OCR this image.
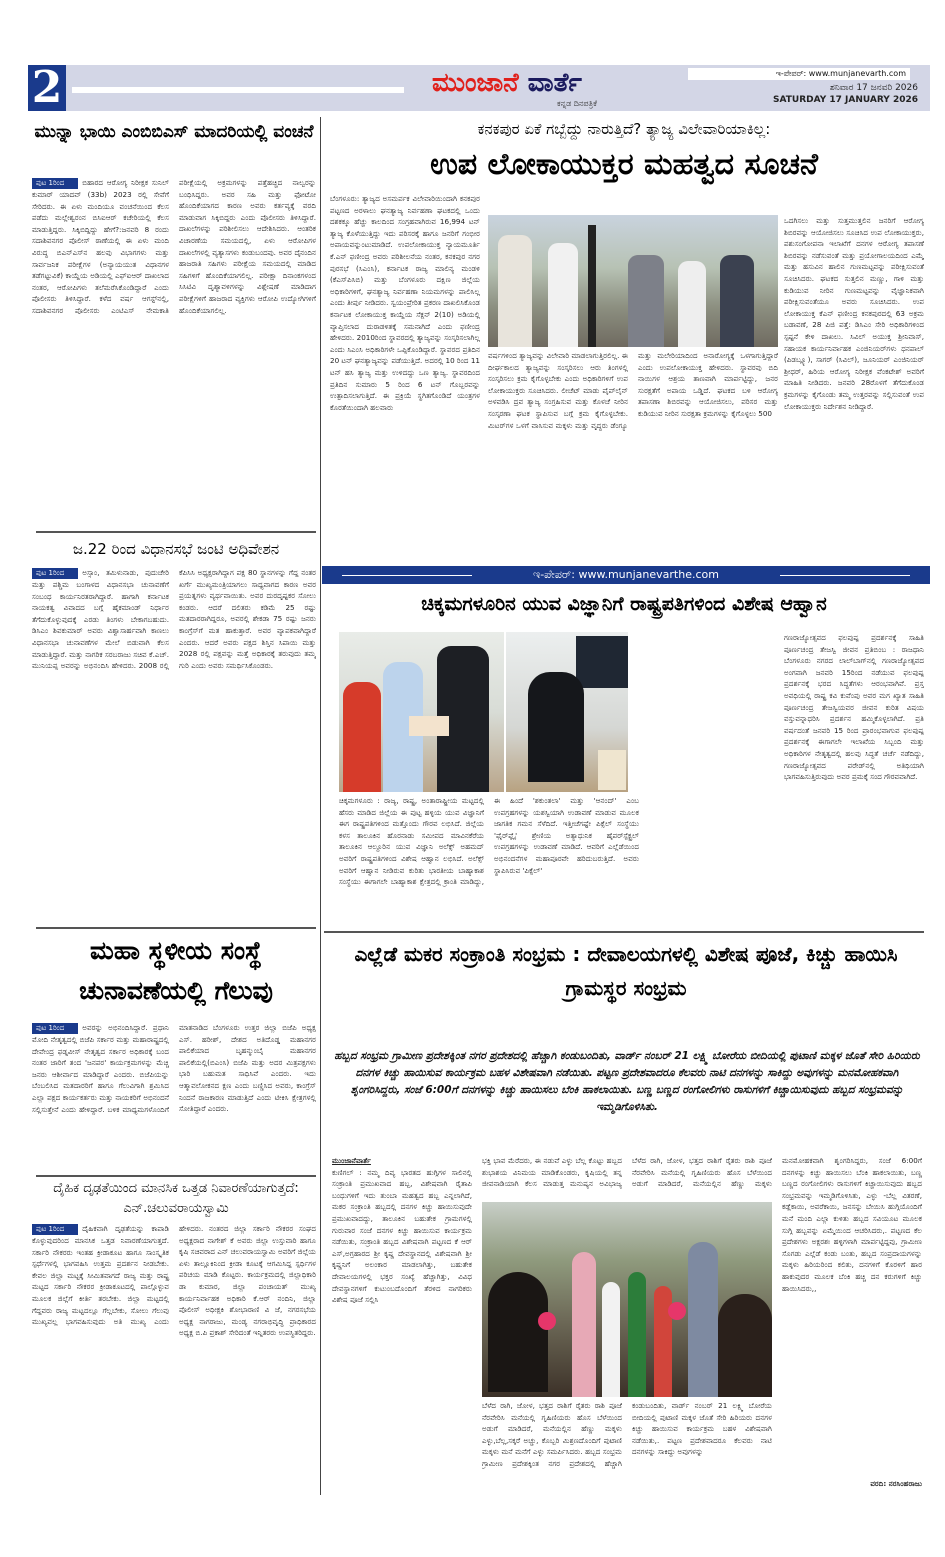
2	ಮುಂಜಾನೆ ವಾರ್ತೆ
ಕನ್ನಡ ದಿನಪತ್ರಿಕೆ
ಇ-ಪೇಪರ್: www.munjanevarth.com
ಶನಿವಾರ 17 ಜನವರಿ 2026
SATURDAY 17 JANUARY 2026
ಮುನ್ನಾ ಭಾಯಿ ಎಂಬಿಬಿಎಸ್ ಮಾದರಿಯಲ್ಲಿ ವಂಚನೆ
ಪುಟ 1ರಿಂದ	ಬಿಹಾರದ ಆರೋಗ್ಯ ನಿರೀಕ್ಷಕ ಸುನಿಲ್ ಕುಮಾರ್ ಯಾದವ್ (33b) 2023 ರಲ್ಲಿ ಸೇವೆಗೆ ಸೇರಿದರು. ಈ ಏಳು ಮಂದಿಯೂ ವಂಚನೆಯಿಂದ ಕೆಲಸ ಪಡೆದು ಮಲ್ಲೇಶ್ವರಂನ ಬಿಸಿಐಆರ್ ಕಚೇರಿಯಲ್ಲಿ ಕೆಲಸ ಮಾಡುತ್ತಿದ್ದರು. ಸಿಕ್ಕಿಬಿದ್ದಿದ್ದು ಹೇಗೆ?:ಜನವರಿ 8 ರಂದು ಸದಾಶಿವನಗರ ಪೊಲೀಸ್ ಠಾಣೆಯಲ್ಲಿ ಈ ಏಳು ಮಂದಿ ವಿರುದ್ಧ ಬಿಎನ್ಎಸ್‌ನ ಹಲವು ವಿಭಾಗಗಳು ಮತ್ತು ಸಾರ್ವಜನಿಕ ಪರೀಕ್ಷೆಗಳ (ಅನ್ಯಾಯಯುತ ವಿಧಾನಗಳ ತಡೆಗಟ್ಟುವಿಕೆ) ಕಾಯ್ದೆಯ ಅಡಿಯಲ್ಲಿ ಎಫ್‌ಐಆರ್ ದಾಖಲಾದ ನಂತರ, ಆರೋಪಿಗಳು ತಲೆಮರೆಸಿಕೊಂಡಿದ್ದಾರೆ ಎಂದು ಪೊಲೀಸರು ತಿಳಿಸಿದ್ದಾರೆ. ಕಳೆದ ವರ್ಷ ಆಗಸ್ಟ್‌ನಲ್ಲಿ, ಸದಾಶಿವನಗರ ಪೊಲೀಸರು ಎಂಟಿಎಸ್ ನೇಮಕಾತಿ ಪರೀಕ್ಷೆಯಲ್ಲಿ ಅಕ್ರಮಗಳನ್ನು ಪತ್ತೆಹಚ್ಚಿದ ನಾಲ್ವರನ್ನು ಬಂಧಿಸಿದ್ದರು. ಅವರ ಸಹಿ ಮತ್ತು ಫೋಟೋ ಹೊಂದಿಕೆಯಾಗದ ಕಾರಣ ಅವರು ಕರ್ತವ್ಯಕ್ಕೆ ವರದಿ ಮಾಡುವಾಗ ಸಿಕ್ಕಿಬಿದ್ದರು ಎಂದು ಪೊಲೀಸರು ತಿಳಿಸಿದ್ದಾರೆ. ದಾಖಲೆಗಳನ್ನು ಪರಿಶೀಲಿಸಲು ಆದೇಶಿಸಿದರು. ಆಂತರಿಕ ವಿಚಾರಣೆಯ ಸಮಯದಲ್ಲಿ, ಏಳು ಆರೋಪಿಗಳ ದಾಖಲೆಗಳಲ್ಲಿ ವ್ಯತ್ಯಾಸಗಳು ಕಂಡುಬಂದವು. ಅವರ ದೈನಂದಿನ ಹಾಜರಾತಿ ಸಹಿಗಳು ಪರೀಕ್ಷೆಯ ಸಮಯದಲ್ಲಿ ಮಾಡಿದ ಸಹಿಗಳಿಗೆ ಹೊಂದಿಕೆಯಾಗಲಿಲ್ಲ. ಪರೀಕ್ಷಾ ದಿನಾಂಕಗಳಂದ ಸಿಸಿಟಿವಿ ದೃಶ್ಯಾವಳಿಗಳನ್ನು ವಿಶ್ಲೇಷಣೆ ಮಾಡಿದಾಗ ಪರೀಕ್ಷೆಗಳಿಗೆ ಹಾಜರಾದ ವ್ಯಕ್ತಿಗಳು ಆರೋಪಿ ಉದ್ಯೋಗಿಗಳಿಗೆ ಹೊಂದಿಕೆಯಾಗಲಿಲ್ಲ.
ಜ.22 ರಿಂದ ವಿಧಾನಸಭೆ ಜಂಟಿ ಅಧಿವೇಶನ
ಪುಟ 1ರಿಂದ	ಅಸ್ಸಾಂ, ತಮಿಳುನಾಡು, ಪುದುಚೇರಿ ಮತ್ತು ಪಶ್ಚಿಮ ಬಂಗಾಳದ ವಿಧಾನಸಭಾ ಚುನಾವಣೆಗೆ ಸಂಬಂಧ ಕಾರ್ಯನಿರತರಾಗಿದ್ದಾರೆ. ಹಾಗಾಗಿ ಕರ್ನಾಟಕ ನಾಯಕತ್ವ ವಿವಾದದ ಬಗ್ಗೆ ಹೈಕಮಾಂಡ್ ನಿರ್ಧಾರ ತೆಗೆದುಕೊಳ್ಳುವುದಕ್ಕೆ ಎರಡು ತಿಂಗಳು ಬೇಕಾಗಬಹುದು. ಡಿಸಿಎಂ ಶಿವಕುಮಾರ್ ಅವರು ವಿಶ್ವಾಸಾರ್ಹವಾಗಿ ಕಾಣಲು ವಿಧಾನಸಭಾ ಚುನಾವಣೆಗಳ ಮೇಲೆ ಬಿಡುವಾಗಿ ಕೆಲಸ ಮಾಡುತ್ತಿದ್ದಾರೆ. ಮತ್ತು ನಾಗರಿಕ ಸರಬರಾಜು ಸಚಿವ ಕೆ.ಎಚ್. ಮುನಿಯಪ್ಪ ಅವರನ್ನು ಅಭಿನಂದಿಸಿ ಹೇಳಿದರು. 2008 ರಲ್ಲಿ ಕೆಪಿಸಿಸಿ ಅಧ್ಯಕ್ಷರಾಗಿದ್ದಾಗ ಪಕ್ಷ 80 ಸ್ಥಾನಗಳನ್ನು ಗೆದ್ದ ನಂತರ ಖರ್ಗೆ ಮುಖ್ಯಮಂತ್ರಿಯಾಗಲು ಸಾಧ್ಯವಾಗದ ಕಾರಣ ಅವರ ಪ್ರಯತ್ನಗಳು ವ್ಯರ್ಥವಾಯಿತು. ಅವರ ದುರದೃಷ್ಟಕರ ಸೋಲು ಕಂಡರು. ಆದರೆ ದಲಿತರು ಕಡಿಮೆ 25 ರಷ್ಟು ಮತದಾರರಾಗಿದ್ದರೂ, ಅವರಲ್ಲಿ ಶೇಕಡಾ 75 ರಷ್ಟು ಜನರು ಕಾಂಗ್ರೆಸ್‌ಗೆ ಮತ ಹಾಕುತ್ತಾರೆ. ಅವರ ವ್ಯಾಪಕವಾಗಿದ್ದಾರೆ ಎಂದರು. ಆದರೆ ಅವರು ಪಕ್ಷದ ಶಿಸ್ತಿನ ಸಿಪಾಯಿ ಮತ್ತು 2028 ರಲ್ಲಿ ಪಕ್ಷವನ್ನು ಮತ್ತೆ ಅಧಿಕಾರಕ್ಕೆ ತರುವುದು ತಮ್ಮ ಗುರಿ ಎಂದು ಅವರು ಸಮರ್ಥಿಸಿಕೊಂಡರು.
ಮಹಾ ಸ್ಥಳೀಯ ಸಂಸ್ಥೆ ಚುನಾವಣೆಯಲ್ಲಿ ಗೆಲುವು
ಪುಟ 1ರಿಂದ	ಅವರನ್ನು ಅಭಿನಂದಿಸಿದ್ದಾರೆ. ಪ್ರಧಾನಿ ಮೋದಿ ನೇತೃತ್ವದಲ್ಲಿ ಬಿಜೆಪಿ ಸರ್ಕಾರ ಮತ್ತು ಮಹಾರಾಷ್ಟ್ರದಲ್ಲಿ ದೇವೇಂದ್ರ ಫಡ್ನವೀಸ್ ನೇತೃತ್ವದ ಸರ್ಕಾರ ಅಧಿಕಾರಕ್ಕೆ ಬಂದ ನಂತರ ಜಾರಿಗೆ ತಂದ 'ಜನಪರ' ಕಾರ್ಯಕ್ರಮಗಳನ್ನು ಮೆಚ್ಚಿ ಜನರು ಆಶೀರ್ವಾದ ಮಾಡಿದ್ದಾರೆ ಎಂದರು. ಬಿಜೆಪಿಯನ್ನು ಬೆಂಬಲಿಸಿದ ಮತದಾರರಿಗೆ ಹಾಗೂ ಗೆಲುವಿಗಾಗಿ ಶ್ರಮಿಸಿದ ಎಲ್ಲಾ ಪಕ್ಷದ ಕಾರ್ಯಕರ್ತರು ಮತ್ತು ನಾಯಕರಿಗೆ ಅಭಿನಂದನೆ ಸಲ್ಲಿಸುತ್ತೇನೆ ಎಂದು ಹೇಳಿದ್ದಾರೆ. ಬಳಿಕ ಮಾಧ್ಯಮಗಳೊಂದಿಗೆ ಮಾತನಾಡಿದ ಬೆಂಗಳೂರು ಉತ್ತರ ಜಿಲ್ಲಾ ಬಿಜೆಪಿ ಅಧ್ಯಕ್ಷ ಎಸ್. ಹರೀಶ್, ದೇಶದ ಅತಿದೊಡ್ಡ ಮಹಾನಗರ ಪಾಲಿಕೆಯಾದ ಬೃಹನ್ಮುಂಬೈ ಮಹಾನಗರ ಪಾಲಿಕೆಯಲ್ಲಿ(ಬಿಎಂಸಿ) ಬಿಜೆಪಿ ಮತ್ತು ಅದರ ಮಿತ್ರಪಕ್ಷಗಳು ಭಾರಿ ಬಹುಮತ ಸಾಧಿಸಿವೆ ಎಂದರು. ಇದು ಆತ್ಮಾವಲೋಕನದ ಕ್ಷಣ ಎಂದು ಬಣ್ಣಿಸಿದ ಅವರು, ಕಾಂಗ್ರೆಸ್ ನಿಂದನೆ ರಾಜಕಾರಣ ಮಾಡುತ್ತಿದೆ ಎಂದು ಟೀಕಿಸಿ ಕ್ಷೇತ್ರಗಳಲ್ಲಿ ಸೋತಿದ್ದಾರೆ ಎಂದರು.
ದೈಹಿಕ ದೃಢತೆಯಿಂದ ಮಾನಸಿಕ ಒತ್ತಡ ನಿವಾರಣೆಯಾಗುತ್ತದೆ: ಎನ್.ಚಲುವರಾಯಸ್ವಾಮಿ
ಪುಟ 1ರಿಂದ	ದೈಹಿಕವಾಗಿ ದೃಢತೆಯನ್ನು ಕಾಪಾಡಿ ಕೊಳ್ಳುವುದರಿಂದ ಮಾನಸಿಕ ಒತ್ತಡ ನಿವಾರಣೆಯಾಗುತ್ತದೆ. ಸರ್ಕಾರಿ ನೌಕರರು ಇಂತಹ ಕ್ರೀಡಾಕೂಟ ಹಾಗೂ ಸಾಂಸ್ಕೃತಿಕ ಸ್ಪರ್ಧೆಗಳಲ್ಲಿ ಭಾಗವಹಿಸಿ ಉತ್ತಮ ಪ್ರದರ್ಶನ ನೀಡಬೇಕು. ಕೇವಲ ಜಿಲ್ಲಾ ಮಟ್ಟಕ್ಕೆ ಸೀಮಿತವಾಗದೆ ರಾಜ್ಯ ಮತ್ತು ರಾಷ್ಟ್ರ ಮಟ್ಟದ ಸರ್ಕಾರಿ ನೌಕರರ ಕ್ರೀಡಾಕೂಟದಲ್ಲಿ ಪಾಲ್ಗೊಳ್ಳುವ ಮೂಲಕ ಜಿಲ್ಲೆಗೆ ಕೀರ್ತಿ ತರಬೇಕು. ಜಿಲ್ಲಾ ಮಟ್ಟದಲ್ಲಿ ಗೆದ್ದವರು ರಾಜ್ಯ ಮಟ್ಟದಲ್ಲೂ ಗೆಲ್ಲಬೇಕು, ಸೋಲು ಗೆಲುವು ಮುಖ್ಯವಲ್ಲ ಭಾಗವಹಿಸುವುದು ಅತಿ ಮುಖ್ಯ ಎಂದು ಹೇಳಿದರು. ನಂತರದ ಜಿಲ್ಲಾ ಸರ್ಕಾರಿ ನೌಕರರ ಸಂಘದ ಅಧ್ಯಕ್ಷರಾದ ನಾಗೇಶ್ ಕೆ ಅವರು ಜಿಲ್ಲಾ ಉಸ್ತುವಾರಿ ಹಾಗೂ ಕೃಷಿ ಸಚಿವರಾದ ಎನ್ ಚಲುವರಾಯಸ್ವಾಮಿ ಅವರಿಗೆ ಜಿಲ್ಲೆಯ ಏಳು ತಾಲ್ಲೂಕಿನಿಂದ ಕ್ರೀಡಾ ಕೂಟಕ್ಕೆ ಆಗಮಿಸಿದ್ದ ಸ್ಪರ್ಧಿಗಳ ಪರಿಚಯ ಮಾಡಿ ಕೊಟ್ಟರು. ಕಾರ್ಯಕ್ರಮದಲ್ಲಿ ಜಿಲ್ಲಾಧಿಕಾರಿ ಡಾ ಕುಮಾರ, ಜಿಲ್ಲಾ ಪಂಚಾಯತ್ ಮುಖ್ಯ ಕಾರ್ಯನಿರ್ವಾಹಕ ಅಧಿಕಾರಿ ಕೆ.ಆರ್ ನಂದಿನಿ, ಜಿಲ್ಲಾ ಪೊಲೀಸ್ ಅಧೀಕ್ಷಕಿ ಶೋಭಾರಾಣಿ ವಿ ಜೆ, ನಗರಸಭೆಯ ಅಧ್ಯಕ್ಷ ನಾಗರಾಜು, ಮಂಡ್ಯ ನಗರಾಭಿವೃದ್ಧಿ ಪ್ರಾಧಿಕಾರದ ಅಧ್ಯಕ್ಷ ಬಿ.ಪಿ ಪ್ರಕಾಶ್ ಸೇರಿದಂತೆ ಇನ್ನಿತರರು ಉಪಸ್ಥಿತರಿದ್ದರು.
ಕನಕಪುರ ಏಕೆ ಗಬ್ಬೆದ್ದು ನಾರುತ್ತಿದೆ? ತ್ಯಾಜ್ಯ ವಿಲೇವಾರಿಯಾಕಿಲ್ಲ:
ಉಪ ಲೋಕಾಯುಕ್ತರ ಮಹತ್ವದ ಸೂಚನೆ
ಬೆಂಗಳೂರು: ತ್ಯಾಜ್ಯದ ಅಸಮರ್ಪಕ ವಿಲೇವಾರಿಯಿಂದಾಗಿ ಕನಕಪುರ ಪಟ್ಟಣದ ಅರಳಾಲು ಘನತ್ಯಾಜ್ಯ ನಿರ್ವಹಣಾ ಘಟಕದಲ್ಲಿ ಒಂದು ದಶಕಕ್ಕೂ ಹೆಚ್ಚು ಕಾಲದಿಂದ ಸಂಗ್ರಹವಾಗಿರುವ 16,994 ಟನ್ ತ್ಯಾಜ್ಯ ಕೊಳೆಯುತ್ತಿದ್ದು ಇದು ಪರಿಸರಕ್ಕೆ ಹಾಗೂ ಜನರಿಗೆ ಗಂಭೀರ ಅಪಾಯವನ್ನುಂಟುಮಾಡಿದೆ. ಉಪಲೋಕಾಯುಕ್ತ ನ್ಯಾಯಮೂರ್ತಿ ಕೆ.ಎನ್ ಫಣೀಂದ್ರ ಅವರು ಪರಿಶೀಲನೆಯ ನಂತರ, ಕನಕಪುರ ನಗರ ಪುರಸಭೆ (ಸಿಎಂಸಿ), ಕರ್ನಾಟಕ ರಾಜ್ಯ ಮಾಲಿನ್ಯ ಮಂಡಳಿ (ಕೆಎಸ್‌ಪಿಸಿಬಿ) ಮತ್ತು ಬೆಂಗಳೂರು ದಕ್ಷಿಣ ಜಿಲ್ಲೆಯ ಅಧಿಕಾರಿಗಳಿಗೆ, ಘನತ್ಯಾಜ್ಯ ನಿರ್ವಹಣಾ ನಿಯಮಗಳನ್ನು ಪಾಲಿಸಿಲ್ಲ ಎಂದು ತೀರ್ಪು ನೀಡಿದರು. ಸ್ವಯಂಪ್ರೇರಿತ ಪ್ರಕರಣ ದಾಖಲಿಸಿಕೊಂಡ ಕರ್ನಾಟಕ ಲೋಕಾಯುಕ್ತ ಕಾಯ್ದೆಯ ಸೆಕ್ಷನ್ 2(10) ಅಡಿಯಲ್ಲಿ ವ್ಯಾಪ್ತಿಸಲಾದ ದುರಾಡಳಿತಕ್ಕೆ ಸಮನಾಗಿದೆ ಎಂದು ಫಣೀಂದ್ರ ಹೇಳಿದರು. 2010ರಿಂದ ಸ್ಥಾವರದಲ್ಲಿ ತ್ಯಾಜ್ಯವನ್ನು ಸಂಸ್ಕರಿಸಲಾಗಿಲ್ಲ ಎಂದು ಸಿಎಂಸಿ ಅಧಿಕಾರಿಗಳೇ ಒಪ್ಪಿಕೊಂಡಿದ್ದಾರೆ. ಸ್ಥಾವರದ ಪ್ರತಿದಿನ 20 ಟನ್ ಘನತ್ಯಾಜ್ಯವನ್ನು ಪಡೆಯುತ್ತಿದೆ. ಅದರಲ್ಲಿ 10 ರಿಂದ 11 ಟನ್ ಹಸಿ ತ್ಯಾಜ್ಯ ಮತ್ತು ಉಳಿದದ್ದು ಒಣ ತ್ಯಾಜ್ಯ. ಸ್ಥಾವರದಿಂದ ಪ್ರತಿದಿನ ಸುಮಾರು 5 ರಿಂದ 6 ಟನ್ ಗೊಬ್ಬರವನ್ನು ಉತ್ಪಾದಿಸಲಾಗುತ್ತಿದೆ. ಈ ಪ್ರಕ್ರಿಯೆ ಸ್ಥಗಿತಗೊಂಡಿದೆ ಯಂತ್ರಗಳ ಕೊರತೆಯಿಂದಾಗಿ ಹಲವಾರು
ವರ್ಷಗಳಿಂದ ತ್ಯಾಜ್ಯವನ್ನು ವಿಲೇವಾರಿ ಮಾಡಲಾಗುತ್ತಿರಲಿಲ್ಲ. ಈ ದೀರ್ಘಕಾಲದ ತ್ಯಾಜ್ಯವನ್ನು ಸಂಸ್ಕರಿಸಲು ಆರು ತಿಂಗಳಲ್ಲಿ ಸಂಸ್ಕರಿಸಲು ಕ್ರಮ ಕೈಗೊಳ್ಳಬೇಕು ಎಂದು ಅಧಿಕಾರಿಗಳಿಗೆ ಉಪ ಲೋಕಾಯುಕ್ತರು ಸೂಚಿಸಿದರು. ಲೀಚೆಟ್ ಮಾಡು ಪೈಪ್‌ಲೈನ್ ಅಳವಡಿಸಿ ದ್ರವ ತ್ಯಾಜ್ಯ ಸಂಗ್ರಹಿಸುವ ಮತ್ತು ಕೊಳಚೆ ನೀರಿನ ಸಂಸ್ಕರಣಾ ಘಟಕ ಸ್ಥಾಪಿಸುವ ಬಗ್ಗೆ ಕ್ರಮ ಕೈಗೊಳ್ಳಬೇಕು. ಮಿಟರ್‌ಗಳ ಒಳಗೆ ವಾಸಿಸುವ ಮಕ್ಕಳು ಮತ್ತು ವೃದ್ಧರು ಡೆಂಗ್ಯೂ ಮತ್ತು ಮಲೇರಿಯಾದಿಂದ ಅನಾರೋಗ್ಯಕ್ಕೆ ಒಳಗಾಗುತ್ತಿದ್ದಾರೆ ಎಂದು ಉಪಲೋಕಾಯುಕ್ತ ಹೇಳಿದರು. ಸ್ಥಾವರವು ಬಿದಿ ನಾಯಿಗಳ ಆಶ್ರಯ ತಾಣವಾಗಿ ಮಾರ್ಪಟ್ಟಿದ್ದು, ಜನರ ಸುರಕ್ಷತೆಗೆ ಅಪಾಯ ಒಡ್ಡಿದೆ. ಘಟಕದ ಬಳಿ ಆರೋಗ್ಯ ತಪಾಸಣಾ ಶಿಬಿರವನ್ನು ಆಯೋಜಿಸಲು, ಪರಿಸರ ಮತ್ತು ಕುಡಿಯುವ ನೀರಿನ ಸುರಕ್ಷತಾ ಕ್ರಮಗಳನ್ನು ಕೈಗೊಳ್ಳಲು 500
ಒದಗಿಸಲು ಮತ್ತು ಸುತ್ತಮುತ್ತಲಿನ ಜನರಿಗೆ ಆರೋಗ್ಯ ಶಿಬಿರವನ್ನು ಆಯೋಜಿಸಲು ಸೂಚಿಸಿದ ಉಪ ಲೋಕಾಯುಕ್ತರು, ಪಶುಸಂಗೋಪನಾ ಇಲಾಖೆಗೆ ದನಗಳ ಆರೋಗ್ಯ ತಪಾಸಣೆ ಶಿಬಿರವನ್ನು ನಡೆಸುವಂತೆ ಮತ್ತು ಪ್ರಯೋಗಾಲಯದಿಂದ ಎಮ್ಮೆ ಮತ್ತು ಹಸುವಿನ ಹಾಲಿನ ಗುಣಮಟ್ಟವನ್ನು ಪರೀಕ್ಷಿಸುವಂತೆ ಸೂಚಿಸಿದರು. ಘಟಕದ ಸುತ್ತಲಿನ ಮಣ್ಣು, ಗಾಳಿ ಮತ್ತು ಕುಡಿಯುವ ನೀರಿನ ಗುಣಮಟ್ಟವನ್ನು ವೈಜ್ಞಾನಿಕವಾಗಿ ಪರೀಕ್ಷಿಸುವಂತೆಯೂ ಅವರು ಸೂಚಿಸಿದರು. ಉಪ ಲೋಕಾಯುಕ್ತ ಕೆಎನ್ ಫಣೀಂದ್ರ ಕನಕಪುರದಲ್ಲಿ 63 ಅಕ್ರಮ ಬಡಾವಣೆ, 28 ಪಿಜಿ ಪತ್ತೆ: ಡಿಸಿಎಂ ಸೇರಿ ಅಧಿಕಾರಿಗಳಿಂದ ಸ್ಪಷ್ಟನೆ ಕೇಳಿ ದಾಖಲು. ಸಿವಿಲ್ ಅಯುಕ್ತ ಶ್ರೀನಿವಾಸ್, ಸಹಾಯಕ ಕಾರ್ಯನಿರ್ವಾಹಕ ಎಂಜಿನಿಯರ್‌ಗಳು ಧನಪಾಲ್ (ಪಿಡಬ್ಲ್ಯೂ), ಸಾಗರ್ (ಸಿವಿಲ್), ಜೂನಿಯರ್ ಎಂಜಿನಿಯರ್ ಶ್ರೀಧರ್, ಹಿರಿಯ ಆರೋಗ್ಯ ನಿರೀಕ್ಷಕ ವೆಂಕಟೇಶ್ ಅವರಿಗೆ ಮಾಹಿತಿ ನೀಡಿದರು. ಜನವರಿ 28ರೊಳಗೆ ತೆಗೆದುಕೊಂಡ ಕ್ರಮಗಳನ್ನು ಕೈಗೊಂಡು ತಮ್ಮ ಉತ್ತರವನ್ನು ಸಲ್ಲಿಸುವಂತೆ ಉಪ ಲೋಕಾಯುಕ್ತರು ನಿರ್ದೇಶನ ನೀಡಿದ್ದಾರೆ.
ಇ-ಪೇಪರ್: www.munjanevarthe.com
ಚಿಕ್ಕಮಗಳೂರಿನ ಯುವ ವಿಜ್ಞಾನಿಗೆ ರಾಷ್ಟ್ರಪತಿಗಳಿಂದ ವಿಶೇಷ ಆಹ್ವಾನ
ಚಿಕ್ಕಮಗಳೂರು : ರಾಜ್ಯ, ರಾಷ್ಟ್ರ, ಅಂತಾರಾಷ್ಟ್ರೀಯ ಮಟ್ಟದಲ್ಲಿ ಹೆಸರು ಮಾಡಿದ ಜಿಲ್ಲೆಯ ಈ ಪುಟ್ಟ ಹಳ್ಳಿಯ ಯುವ ವಿಜ್ಞಾನಿಗೆ ಈಗ ರಾಷ್ಟ್ರಪತಿಗಳಿಂದ ಮತ್ತೊಂದು ಗೌರವ ಲಭಿಸಿದೆ. ಜಿಲ್ಲೆಯ ಕಳಸ ತಾಲೂಕಿನ ಹೊರನಾಡು ಸಮೀಪದ ಮಾವಿನಕೆರೆಯ ತಾಲೂಕಿನ ಆಲ್ದೂರಿನ ಯುವ ವಿಜ್ಞಾನಿ ಅಲೆಕ್ಸ್ ಅಹಮದ್ ಅವರಿಗೆ ರಾಷ್ಟ್ರಪತಿಗಳಿಂದ ವಿಶೇಷ ಆಹ್ವಾನ ಲಭಿಸಿದೆ. ಅಲೆಕ್ಸ್ ಅವರಿಗೆ ಆಹ್ವಾನ ನೀಡಿರುವ ಕುರಿತು ಭಾರತೀಯ ಬಾಹ್ಯಾಕಾಶ ಸಂಸ್ಥೆಯು ಈಗಾಗಲೇ ಬಾಹ್ಯಾಕಾಶ ಕ್ಷೇತ್ರದಲ್ಲಿ ಕ್ರಾಂತಿ ಮಾಡಿದ್ದು, ಈ ಹಿಂದೆ 'ಶಕುಂತಲಾ' ಮತ್ತು 'ಆನಂದ್' ಎಂಬ ಉಪಗ್ರಹಗಳನ್ನು ಯಶಸ್ವಿಯಾಗಿ ಉಡಾವಣೆ ಮಾಡುವ ಮೂಲಕ ಜಾಗತಿಕ ಗಮನ ಸೆಳೆದಿದೆ. ಇತ್ತೀಚೆಗಷ್ಟೇ ಪಿಕ್ಸೆಲ್ ಸಂಸ್ಥೆಯು 'ಫೈರ್‌ಫ್ಲೈ' ಶ್ರೇಣಿಯ ಅತ್ಯಾಧುನಿಕ ಹೈಪರ್‌ಸ್ಪೆಕ್ಟ್ರಲ್ ಉಪಗ್ರಹಗಳನ್ನು ಉಡಾವಣೆ ಮಾಡಿದೆ. ಆವರಿಗೆ ಎಲ್ಲೆಡೆಯಿಂದ ಅಭಿನಂದನೆಗಳ ಮಹಾಪೂರವೇ ಹರಿದುಬರುತ್ತಿದೆ. ಅವರು ಸ್ಥಾಪಿಸಿರುವ 'ಪಿಕ್ಸೆಲ್'
ಗಣರಾಜ್ಯೋತ್ಸವದ ಫಲಪುಷ್ಪ ಪ್ರದರ್ಶನಕ್ಕೆ ಸಾಹಿತಿ ಪೂರ್ಣಚಂದ್ರ ತೇಜಸ್ವಿ ಜೀವನ ಪ್ರತಿಬಿಂಬ : ರಾಜಧಾನಿ ಬೆಂಗಳೂರು ನಗರದ ಲಾಲ್‌ಬಾಗ್‌ನಲ್ಲಿ ಗಣರಾಜ್ಯೋತ್ಸವದ ಅಂಗವಾಗಿ ಜನವರಿ 15ರಿಂದ ನಡೆಯುವ ಫಲಪುಷ್ಪ ಪ್ರದರ್ಶನಕ್ಕೆ ಭರದ ಸಿದ್ಧತೆಗಳು ಆರಂಭವಾಗಿವೆ. ಪ್ರಸ್ತ ಅವಧಿಯಲ್ಲಿ ರಾಷ್ಟ್ರ ಕವಿ ಕುವೆಂಪು ಅವರ ಮಗ ಖ್ಯಾತ ಸಾಹಿತಿ ಪೂರ್ಣಚಂದ್ರ ತೇಜಸ್ವಿಯವರ ಜೀವನ ಕುರಿತ ವಿಷಯ ವಸ್ತುವನ್ನಾಧರಿಸಿ ಪ್ರದರ್ಶನ ಹಮ್ಮಿಕೊಳ್ಳಲಾಗಿದೆ. ಪ್ರತಿ ವರ್ಷದಂತೆ ಜನವರಿ 15 ರಿಂದ ಪ್ರಾರಂಭವಾಗುವ ಫಲಪುಷ್ಪ ಪ್ರದರ್ಶನಕ್ಕೆ ಈಗಾಗಲೇ ಇಲಾಖೆಯ ಸಿಬ್ಬಂದಿ ಮತ್ತು ಅಧಿಕಾರಿಗಳ ನೇತೃತ್ವದಲ್ಲಿ ಹಲವು ಸಿದ್ಧತೆ ಚರ್ಚೆ ನಡೆದಿದ್ದು, ಗಣರಾಜ್ಯೋತ್ಸವದ ಪರೇಡ್‌ನಲ್ಲಿ ಅತಿಥಿಯಾಗಿ ಭಾಗವಹಿಸುತ್ತಿರುವುದು ಅವರ ಪ್ರಮಕ್ಕೆ ಸಂದ ಗೌರವವಾಗಿದೆ.
ಎಲ್ಲೆಡೆ ಮಕರ ಸಂಕ್ರಾಂತಿ ಸಂಭ್ರಮ : ದೇವಾಲಯಗಳಲ್ಲಿ ವಿಶೇಷ ಪೂಜೆ, ಕಿಚ್ಚು ಹಾಯಿಸಿ ಗ್ರಾಮಸ್ಥರ ಸಂಭ್ರಮ
ಹಬ್ಬದ ಸಂಭ್ರಮ ಗ್ರಾಮೀಣ ಪ್ರದೇಶಕ್ಕಿಂತ ನಗರ ಪ್ರದೇಶದಲ್ಲಿ ಹೆಚ್ಚಾಗಿ ಕಂಡುಬಂದಿತು, ವಾರ್ಡ್ ನಂಬರ್ 21 ಲಕ್ಷ್ಮಿ ಬೋರೆಯ ಬೀದಿಯಲ್ಲಿ ಪುಟಾಣಿ ಮಕ್ಕಳ ಜೊತೆ ಸೇರಿ ಹಿರಿಯರು ದನಗಳ ಕಿಚ್ಚು ಹಾಯಿಸುವ ಕಾರ್ಯಕ್ರಮ ಬಹಳ ವಿಶೇಷವಾಗಿ ನಡೆಯಿತು. ಪಟ್ಟಣ ಪ್ರದೇಶವಾದರೂ ಕೆಲವರು ನಾಟಿ ದನಗಳನ್ನು ಸಾಕಿದ್ದು ಅವುಗಳನ್ನು ಮನಮೋಹಕವಾಗಿ ಶೃಂಗರಿಸಿದ್ದರು, ಸಂಜೆ 6:00ಗೆ ದನಗಳನ್ನು ಕಿಚ್ಚು ಹಾಯಿಸಲು ಬೆಂಕಿ ಹಾಕಲಾಯಿತು. ಬಣ್ಣ ಬಣ್ಣದ ರಂಗೋಲಿಗಳು ರಾಸುಗಳಿಗೆ ಕಿಚ್ಚಾಯಿಸುವುದು ಹಬ್ಬದ ಸಂಭ್ರಮವನ್ನು ಇಮ್ಮಡಿಗೊಳಿಸಿತು.
ಮುಂಜಾನೆವಾರ್ತೆ
ಕುಣಿಗಲ್ : ನಮ್ಮ ದಿವ್ಯ ಭಾರತದ ಹುಗ್ಗಿಗಳ ಸಾಲಿನಲ್ಲಿ ಸಂಕ್ರಾಂತಿ ಪ್ರಮುಖವಾದ ಹಬ್ಬ, ವಿಶೇಷವಾಗಿ ರೈತಾಪಿ ಬಂಧುಗಳಿಗೆ ಇದು ತುಂಬಾ ಮಹತ್ವದ ಹಬ್ಬ ಎನ್ನಲಾಗಿದೆ, ಮಕರ ಸಂಕ್ರಾಂತಿ ಹಬ್ಬದಲ್ಲಿ ದನಗಳ ಕಿಚ್ಚು ಹಾಯಿಸುವುದೇ ಪ್ರಮುಖವಾದದ್ದು, ತಾಲೂಕಿನ ಬಹುತೇಕ ಗ್ರಾಮಗಳಲ್ಲಿ ಗುರುವಾರ ಸಂಜೆ ದನಗಳ ಕಿಚ್ಚು ಹಾಯಿಸುವ ಕಾರ್ಯಕ್ರಮ ನಡೆಯಿತು, ಸಂಕ್ರಾಂತಿ ಹಬ್ಬದ ವಿಶೇಷವಾಗಿ ಪಟ್ಟಣದ ಕೆ ಆರ್ ಎಸ್,ಅಗ್ರಹಾರದ ಶ್ರೀ ಕೃಷ್ಣ ದೇವಸ್ಥಾನದಲ್ಲಿ ವಿಶೇಷವಾಗಿ ಶ್ರೀ ಕೃಷ್ಣನಿಗೆ ಅಲಂಕಾರ ಮಾಡಲಾಗಿತ್ತು, ಬಹುತೇಕ ದೇವಾಲಯಗಳಲ್ಲಿ ಭಕ್ತರ ಸಂಖ್ಯೆ ಹೆಚ್ಚಾಗಿತ್ತು, ವಿವಿಧ ದೇವಸ್ಥಾನಗಳಿಗೆ ಕುಟುಂಬದೊಂದಿಗೆ ತೆರಳಿದ ನಾಗರಿಕರು ವಿಶೇಷ ಪೂಜೆ ಸಲ್ಲಿಸಿ
ಭಕ್ತಿ ಭಾವ ಮೆರೆದರು, ಈ ನಡುವೆ ಎಳ್ಳು ಬೆಲ್ಲ ಕೊಟ್ಟು ಹಬ್ಬದ ಶುಭಾಶಯ ವಿನಿಮಯ ಮಾಡಿಕೊಂಡರು, ಕೃಷಿಯಲ್ಲಿ ತನ್ನ ಜೀವನಾಡಿಯಾಗಿ ಕೆಲಸ ಮಾಡುತ್ತ ಮನುಷ್ಯನ ಅವಿಭಾಜ್ಯ
ಬೆಳೆದ ರಾಗಿ, ಜೋಳ, ಭತ್ತದ ರಾಶಿಗೆ ರೈತರು ರಾಶಿ ಪೂಜೆ ನೆರವೇರಿಸಿ ಮನೆಯಲ್ಲಿ ಗೃಹಿಣಿಯರು ಹೊಸ ಬೆಳೆಯಿಂದ ಅಡುಗೆ ಮಾಡಿದರೆ, ಮನೆಯಲ್ಲಿನ ಹೆಣ್ಣು ಮಕ್ಕಳು
ಬೆಳೆದ ರಾಗಿ, ಜೋಳ, ಭತ್ತದ ರಾಶಿಗೆ ರೈತರು ರಾಶಿ ಪೂಜೆ ನೆರವೇರಿಸಿ ಮನೆಯಲ್ಲಿ ಗೃಹಿಣಿಯರು ಹೊಸ ಬೆಳೆಯಿಂದ ಅಡುಗೆ ಮಾಡಿದರೆ, ಮನೆಯಲ್ಲಿನ ಹೆಣ್ಣು ಮಕ್ಕಳು ಎಳ್ಳು,ಬೆಲ್ಲ,ಸಕ್ಕರೆ ಅಚ್ಚು, ಕೊಬ್ಬರಿ ಮಿಶ್ರಣದೊಂದಿಗೆ ಪುಟಾಣಿ ಮಕ್ಕಳು ಮನೆ ಮನೆಗೆ ಎಳ್ಳು ಸಮರ್ಪಿಸಿದರು. ಹಬ್ಬದ ಸಂಭ್ರಮ ಗ್ರಾಮೀಣ ಪ್ರದೇಶಕ್ಕಿಂತ ನಗರ ಪ್ರದೇಶದಲ್ಲಿ ಹೆಚ್ಚಾಗಿ ಕಂಡುಬಂದಿತು, ವಾರ್ಡ್ ನಂಬರ್ 21 ಲಕ್ಷ್ಮಿ ಬೋರೆಯ ಬೀದಿಯಲ್ಲಿ ಪುಟಾಣಿ ಮಕ್ಕಳ ಜೊತೆ ಸೇರಿ ಹಿರಿಯರು ದನಗಳ ಕಿಚ್ಚು ಹಾಯಿಸುವ ಕಾರ್ಯಕ್ರಮ ಬಹಳ ವಿಶೇಷವಾಗಿ ನಡೆಯಿತು,. ಪಟ್ಟಣ ಪ್ರದೇಶವಾದರೂ ಕೆಲವರು ನಾಟಿ ದನಗಳನ್ನು ಸಾಕಿದ್ದು ಅವುಗಳನ್ನು
ಮನಮೋಹಕವಾಗಿ ಶೃಂಗರಿಸಿದ್ದರು, ಸಂಜೆ 6:00ಗೆ ದನಗಳನ್ನು ಕಿಚ್ಚು ಹಾಯಿಸಲು ಬೆಂಕಿ ಹಾಕಲಾಯಿತು, ಬಣ್ಣ ಬಣ್ಣದ ರಂಗೋಲಿಗಳು ರಾಸುಗಳಿಗೆ ಕಿಚ್ಚಾಯಿಸುವುದು ಹಬ್ಬದ ಸಂಭ್ರಮವನ್ನು ಇಮ್ಮಡಿಗೊಳಿಸಿತು, ಎಳ್ಳು -ಬೆಲ್ಲ ವಿತರಣೆ, ಕಡ್ಲೆಕಾಯಿ, ಅವರೆಕಾಯಿ, ಜನಸನ್ನು ಬೇಯಿಸಿ ಹುಗ್ಗಿಯೊಂದಿಗೆ ಮನೆ ಮಂದಿ ಎಲ್ಲಾ ಕುಳಿತು ಹಬ್ಬದ ಸವಿಯೂಟ ಮೂಲಕ ಸುಗ್ಗಿ ಹಬ್ಬವನ್ನು ಏಮ್ಮೆಯಿಂದ ಆಚರಿಸಿದರು,. ಪಟ್ಟಣದ ಕೆಲ ಪ್ರದೇಶಗಳು ಅಕ್ಷರಶಃ ಹಳ್ಳಿಗಳಾಗಿ ಮಾರ್ಪಟ್ಟಿದ್ದವು, ಗ್ರಾಮೀಣ ಸೊಗಡು ಎಲ್ಲೆಡೆ ಕಂಡು ಬಂತು, ಹಬ್ಬದ ಸಂಪ್ರದಾಯಗಳನ್ನು ಮಕ್ಕಳು ಹಿರಿಯರಿಂದ ಕಲಿತು, ದನಗಳಿಗೆ ಕೊರಳಿಗೆ ಹಾರ ಹಾಕುವುದರ ಮೂಲಕ ಬೆಂಕಿ ಹಚ್ಚಿ ದನ ಕರುಗಳಿಗೆ ಕಿಚ್ಚು ಹಾಯಿಸಿದರು,,
ವರದಿ: ನರಸಿಂಹರಾಜು
